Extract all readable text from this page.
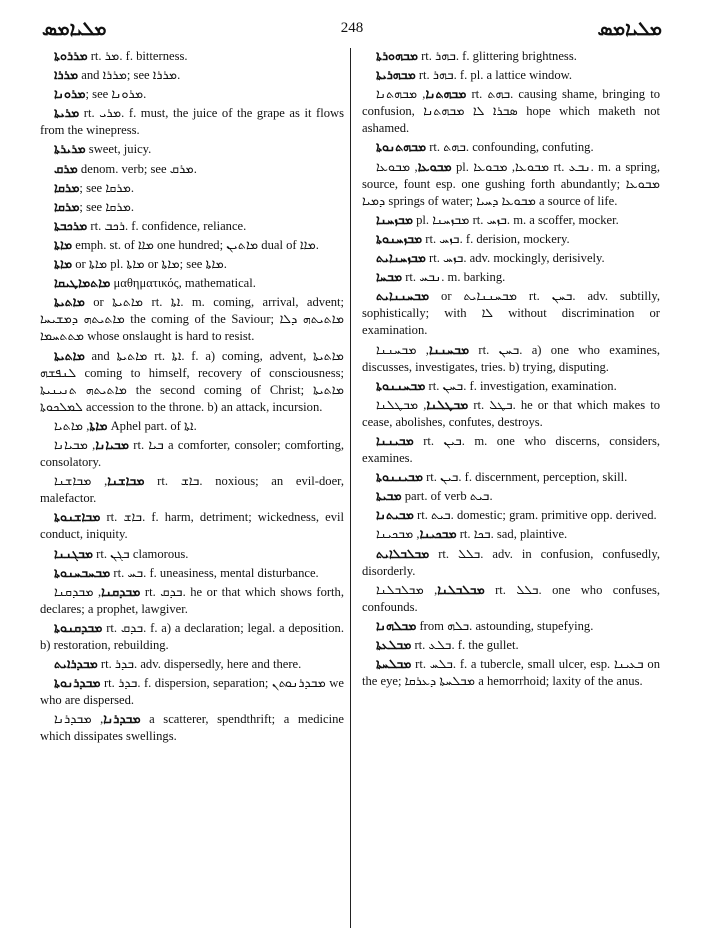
ܡܠܝܐܡܣ	248	ܡܠܝܐܡܣ

ܡܪܪܘܬܐ rt. ܡܪ. f. bitterness.

ܡܪܪܐ and ܡܪܪܐ; see ܡܪܪܐ.

ܡܪܘܢܐ; see ܡܪܘܢܐ.

ܡܪܝܬܐ rt. ܡܪܝ. f. must, the juice of the grape as it flows from the winepress.

ܡܪܝܪܬܐ sweet, juicy.

ܡܪܩ denom. verb; see ܡܪܩ.

ܡܪܩܐ; see ܡܪܩܐ.

ܡܪܩܐ; see ܡܪܩܐ.

ܡܪܟܒܬܐ rt. ܪܟܒ. f. confidence, reliance.

ܡܐܬܐ emph. st. of ܡܐܐ one hundred; ܡܐܬܝܢ dual of ܡܐܐ.

ܡܐܬܐ or ܡܐܬܐ pl. ܡܐܬܐ or ܡܐܬܐ; see ܡܐܬܐ.

ܡܐܬܡܐܛܝܩܐ μαθηματικός, mathematical.

ܡܐܬܝܬܐ or ܡܐܬܝܬܐ rt. ܐܬܐ. m. coming, arrival, advent; ܡܐܬܝܬܗ ܕܡܫܝܚܐ the coming of the Saviour; ܡܐܬܝܬܗ ܕܠܐ ܡܬܬܚܡܐ whose onslaught is hard to resist.

ܡܐܬܝܬܐ and ܡܐܬܝܬܐ rt. ܐܬܐ. f. a) coming, advent, ܡܐܬܝܬܐ ܠܢܦܫܗ coming to himself, recovery of consciousness; ܡܐܬܝܬܗ ܬܢܝܢܝܬܐ the second coming of Christ; ܡܐܬܝܬܐ ܠܡܠܟܘܬܐ accession to the throne. b) an attack, incursion.

ܡܐܬܐ, ܡܐܬܝܐ Aphel part. of ܐܬܐ.

ܡܒܝܐܢܐ, ܡܒܝܐܢܐ rt. ܒܝܐ a comforter, consoler; comforting, consolatory.

ܡܒܐܫܢܐ, ܡܒܐܫܢܐ rt. ܒܐܫ. noxious; an evil-doer, malefactor.

ܡܒܐܫܢܘܬܐ rt. ܒܐܫ. f. harm, detriment; wickedness, evil conduct, iniquity.

ܡܒܓܢܢܐ rt. ܒܓܢ clamorous.

ܡܒܚܒܚܢܘܬܐ rt. ܒܚ. f. uneasiness, mental disturbance.

ܡܒܕܩܢܐ, ܡܒܕܩܢܐ rt. ܒܕܩ. he or that which shows forth, declares; a prophet, lawgiver.

ܡܒܕܩܢܘܬܐ rt. ܒܕܩ. f. a) a declaration; legal. a deposition. b) restoration, rebuilding.

ܡܒܕܪܐܝܬ rt. ܒܕܪ. adv. dispersedly, here and there.

ܡܒܕܪܢܘܬܐ rt. ܒܕܪ. f. dispersion, separation; ܡܒܕܪܢܘܬܢ we who are dispersed.

ܡܒܕܪܢܐ, ܡܒܕܪܢܐ a scatterer, spendthrift; a medicine which dissipates swellings.

ܡܒܗܘܪܬܐ rt. ܒܗܪ. f. glittering brightness.

ܡܒܗܪܝܬܐ rt. ܒܗܪ. f. pl. a lattice window.

ܡܒܗܬܢܐ, ܡܒܗܬܢܐ rt. ܒܗܬ. causing shame, bringing to confusion, ܣܒܪܐ ܠܐ ܡܒܗܬܢܐ hope which maketh not ashamed.

ܡܒܗܬܢܘܬܐ rt. ܒܗܬ. confounding, confuting.

ܡܒܘܥܐ, ܡܒܘܥܐ pl. ܡܒܘܥܐ, ܡܒܘܥܐ rt. ܢܒܥ. m. a spring, source, fount esp. one gushing forth abundantly; ܡܒܘܥܐ ܕܡܝܐ springs of water; ܡܒܘܥܐ ܕܚܝܐ a source of life.

ܡܒܙܚܢܐ pl. ܡܒܙܚܢܐ rt. ܒܙܚ. m. a scoffer, mocker.

ܡܒܙܚܢܘܬܐ rt. ܒܙܚ. f. derision, mockery.

ܡܒܙܚܢܐܝܬ rt. ܒܙܚ. adv. mockingly, derisively.

ܡܒܚܐ rt. ܢܒܚ. m. barking.

ܡܒܚܢܢܐܝܬ or ܡܒܚܢܢܐܝܬ rt. ܒܚܢ. adv. subtilly, sophistically; with ܠܐ without discrimination or examination.

ܡܒܚܢܢܐ, ܡܒܚܢܢܐ rt. ܒܚܢ. a) one who examines, discusses, investigates, tries. b) trying, disputing.

ܡܒܚܢܢܘܬܐ rt. ܒܚܢ. f. investigation, examination.

ܡܒܛܠܢܐ, ܡܒܛܠܢܐ rt. ܒܛܠ. he or that which makes to cease, abolishes, confutes, destroys.

ܡܒܝܢܢܐ rt. ܒܝܢ. m. one who discerns, considers, examines.

ܡܒܝܢܢܘܬܐ rt. ܒܝܢ. f. discernment, perception, skill.

ܡܒܝܬܐ part. of verb ܒܝܬ.

ܡܒܝܬܢܐ rt. ܒܝܬ. domestic; gram. primitive opp. derived.

ܡܒܟܝܢܐ, ܡܒܟܝܢܐ rt. ܒܟܐ. sad, plaintive.

ܡܒܠܒܠܐܝܬ rt. ܒܠܠ. adv. in confusion, confusedly, disorderly.

ܡܒܠܒܠܢܐ, ܡܒܠܒܠܢܐ rt. ܒܠܠ. one who confuses, confounds.

ܡܒܠܗܢܐ from ܒܠܗ. astounding, stupefying.

ܡܒܠܥܬܐ rt. ܒܠܥ. f. the gullet.

ܡܒܠܚܬܐ rt. ܒܠܚ. f. a tubercle, small ulcer, esp. ܒܥܝܢܐ on the eye; ܡܒܠܚܬܐ ܕܥܪܩܐ a hemorrhoid; laxity of the anus.
